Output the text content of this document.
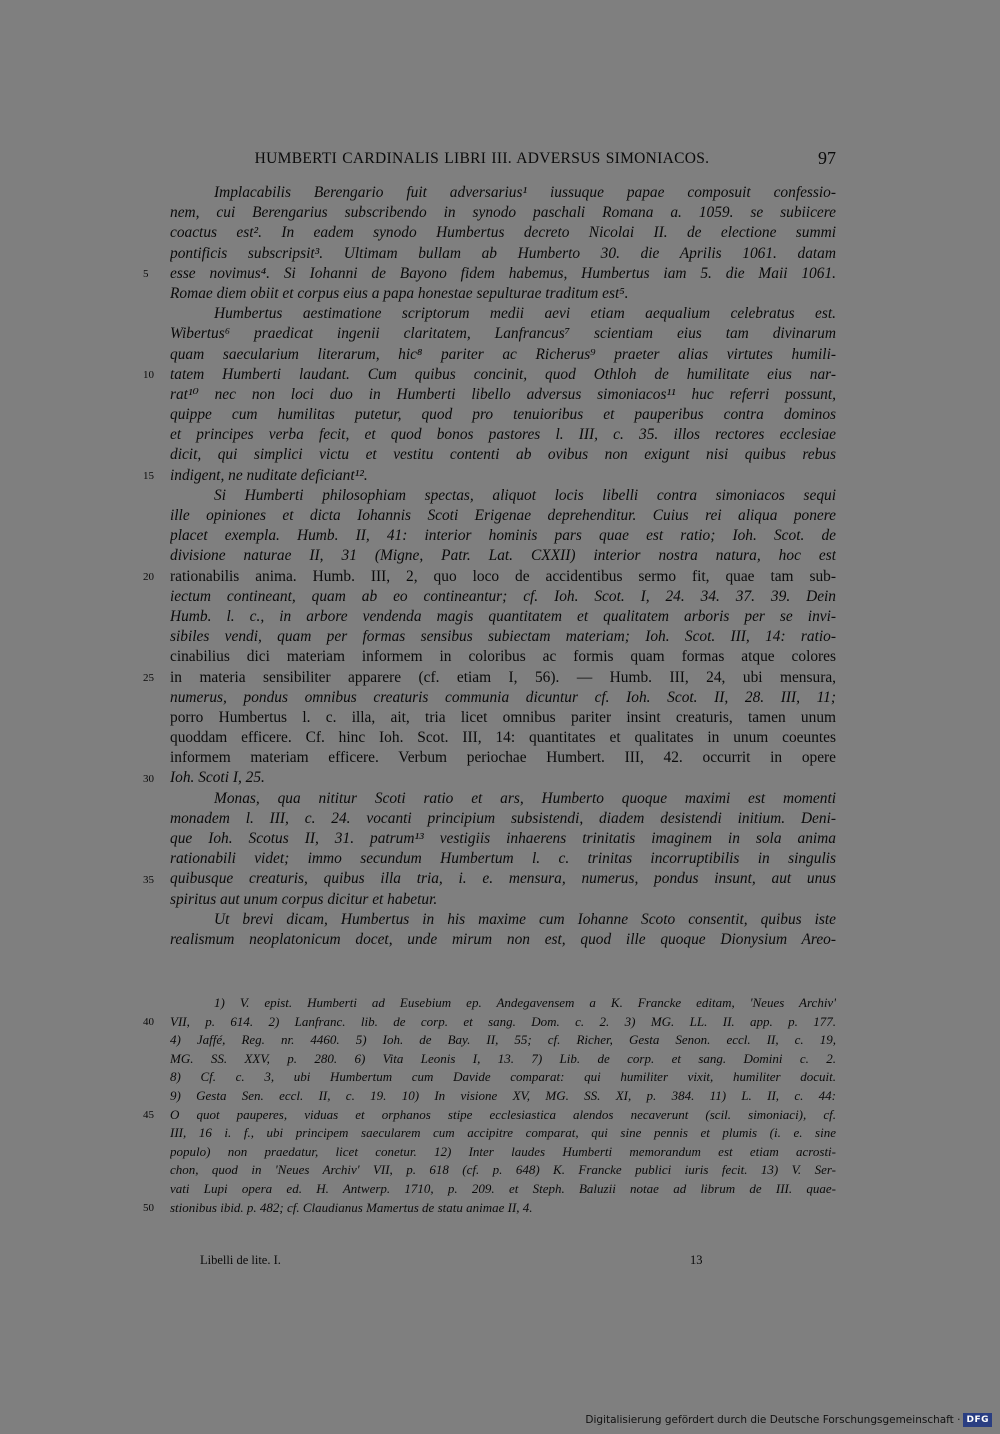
HUMBERTI CARDINALIS LIBRI III. ADVERSUS SIMONIACOS.	97
Implacabilis Berengario fuit adversarius¹ iussuque papae composuit confessio-
nem, cui Berengarius subscribendo in synodo paschali Romana a. 1059. se subiicere
coactus est². In eadem synodo Humbertus decreto Nicolai II. de electione summi
pontificis subscripsit³. Ultimam bullam ab Humberto 30. die Aprilis 1061. datam
esse novimus⁴. Si Iohanni de Bayono fidem habemus, Humbertus iam 5. die Maii 1061.
Romae diem obiit et corpus eius a papa honestae sepulturae traditum est⁵.
Humbertus aestimatione scriptorum medii aevi etiam aequalium celebratus est.
Wibertus⁶ praedicat ingenii claritatem, Lanfrancus⁷ scientiam eius tam divinarum
quam saecularium literarum, hic⁸ pariter ac Richerus⁹ praeter alias virtutes humili-
tatem Humberti laudant. Cum quibus concinit, quod Othloh de humilitate eius nar-
rat¹⁰ nec non loci duo in Humberti libello adversus simoniacos¹¹ huc referri possunt,
quippe cum humilitas putetur, quod pro tenuioribus et pauperibus contra dominos
et principes verba fecit, et quod bonos pastores l. III, c. 35. illos rectores ecclesiae
dicit, qui simplici victu et vestitu contenti ab ovibus non exigunt nisi quibus rebus
indigent, ne nuditate deficiant¹².
Si Humberti philosophiam spectas, aliquot locis libelli contra simoniacos sequi
ille opiniones et dicta Iohannis Scoti Erigenae deprehenditur. Cuius rei aliqua ponere
placet exempla. Humb. II, 41: interior hominis pars quae est ratio; Ioh. Scot. de
divisione naturae II, 31 (Migne, Patr. Lat. CXXII) interior nostra natura, hoc est
rationabilis anima. Humb. III, 2, quo loco de accidentibus sermo fit, quae tam sub-
iectum contineant, quam ab eo contineantur; cf. Ioh. Scot. I, 24. 34. 37. 39. Dein
Humb. l. c., in arbore vendenda magis quantitatem et qualitatem arboris per se invi-
sibiles vendi, quam per formas sensibus subiectam materiam; Ioh. Scot. III, 14: ratio-
cinabilius dici materiam informem in coloribus ac formis quam formas atque colores
in materia sensibiliter apparere (cf. etiam I, 56). — Humb. III, 24, ubi mensura,
numerus, pondus omnibus creaturis communia dicuntur cf. Ioh. Scot. II, 28. III, 11;
porro Humbertus l. c. illa, ait, tria licet omnibus pariter insint creaturis, tamen unum
quoddam efficere. Cf. hinc Ioh. Scot. III, 14: quantitates et qualitates in unum coeuntes
informem materiam efficere. Verbum periochae Humbert. III, 42. occurrit in opere
Ioh. Scoti I, 25.
Monas, qua nititur Scoti ratio et ars, Humberto quoque maximi est momenti
monadem l. III, c. 24. vocanti principium subsistendi, diadem desistendi initium. Deni-
que Ioh. Scotus II, 31. patrum¹³ vestigiis inhaerens trinitatis imaginem in sola anima
rationabili videt; immo secundum Humbertum l. c. trinitas incorruptibilis in singulis
quibusque creaturis, quibus illa tria, i. e. mensura, numerus, pondus insunt, aut unus
spiritus aut unum corpus dicitur et habetur.
Ut brevi dicam, Humbertus in his maxime cum Iohanne Scoto consentit, quibus iste
realismum neoplatonicum docet, unde mirum non est, quod ille quoque Dionysium Areo-
1) V. epist. Humberti ad Eusebium ep. Andegavensem a K. Francke editam, 'Neues Archiv'
VII, p. 614. 2) Lanfranc. lib. de corp. et sang. Dom. c. 2. 3) MG. LL. II. app. p. 177.
4) Jaffé, Reg. nr. 4460. 5) Ioh. de Bay. II, 55; cf. Richer, Gesta Senon. eccl. II, c. 19,
MG. SS. XXV, p. 280. 6) Vita Leonis I, 13. 7) Lib. de corp. et sang. Domini c. 2.
8) Cf. c. 3, ubi Humbertum cum Davide comparat: qui humiliter vixit, humiliter docuit.
9) Gesta Sen. eccl. II, c. 19. 10) In visione XV, MG. SS. XI, p. 384. 11) L. II, c. 44:
O quot pauperes, viduas et orphanos stipe ecclesiastica alendos necaverunt (scil. simoniaci), cf.
III, 16 i. f., ubi principem saecularem cum accipitre comparat, qui sine pennis et plumis (i. e. sine
populo) non praedatur, licet conetur. 12) Inter laudes Humberti memorandum est etiam acrosti-
chon, quod in 'Neues Archiv' VII, p. 618 (cf. p. 648) K. Francke publici iuris fecit. 13) V. Ser-
vati Lupi opera ed. H. Antwerp. 1710, p. 209. et Steph. Baluzii notae ad librum de III. quae-
stionibus ibid. p. 482; cf. Claudianus Mamertus de statu animae II, 4.
Libelli de lite. I.	13
Digitalisierung gefördert durch die Deutsche Forschungsgemeinschaft · DFG
5
10
15
20
25
30
35
40
45
50
